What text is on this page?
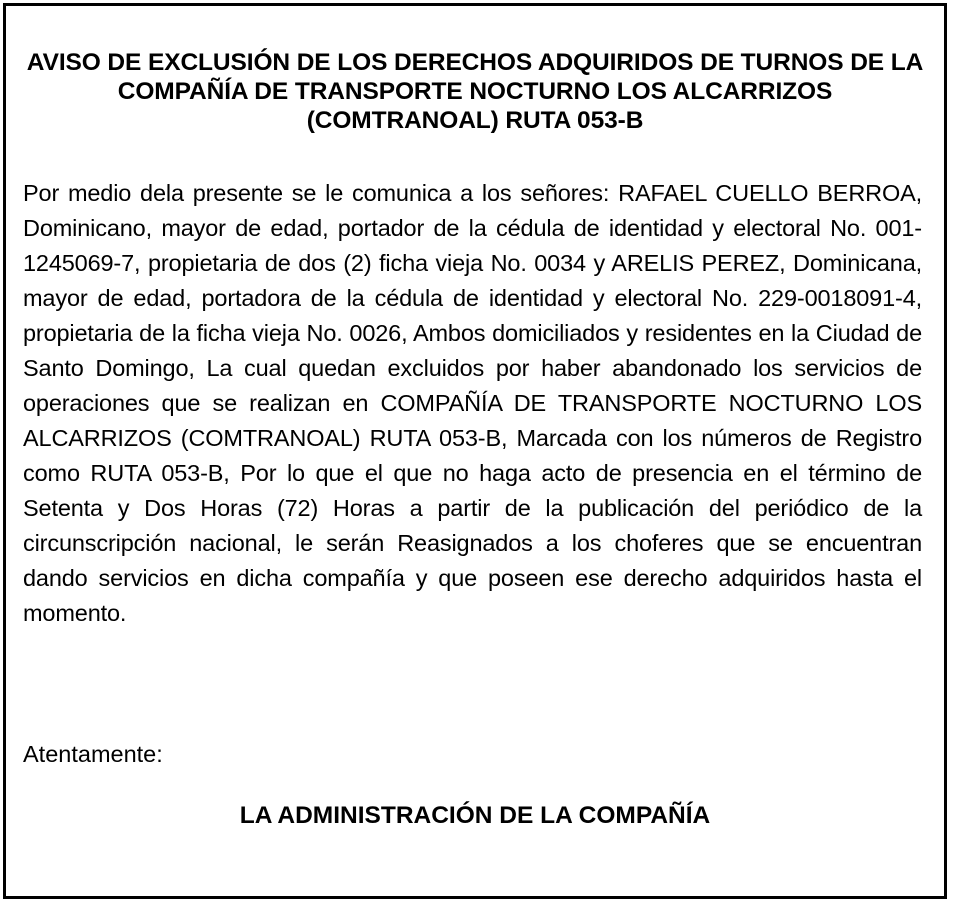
AVISO DE EXCLUSIÓN DE LOS DERECHOS ADQUIRIDOS DE TURNOS DE LA COMPAÑÍA DE TRANSPORTE NOCTURNO LOS ALCARRIZOS (COMTRANOAL) RUTA 053-B

Por medio dela presente se le comunica a los señores: RAFAEL CUELLO BERROA, Dominicano, mayor de edad, portador de la cédula de identidad y electoral No. 001-1245069-7, propietaria de dos (2) ficha vieja No. 0034 y ARELIS PEREZ, Dominicana, mayor de edad, portadora de la cédula de identidad y electoral No. 229-0018091-4, propietaria de la ficha vieja No. 0026, Ambos domiciliados y residentes en la Ciudad de Santo Domingo, La cual quedan excluidos por haber abandonado los servicios de operaciones que se realizan en COMPAÑÍA DE TRANSPORTE NOCTURNO LOS ALCARRIZOS (COMTRANOAL) RUTA 053-B, Marcada con los números de Registro como RUTA 053-B, Por lo que el que no haga acto de presencia en el término de Setenta y Dos Horas (72) Horas a partir de la publicación del periódico de la circunscripción nacional, le serán Reasignados a los choferes que se encuentran dando servicios en dicha compañía y que poseen ese derecho adquiridos hasta el momento.

Atentamente:

LA ADMINISTRACIÓN DE LA COMPAÑÍA
